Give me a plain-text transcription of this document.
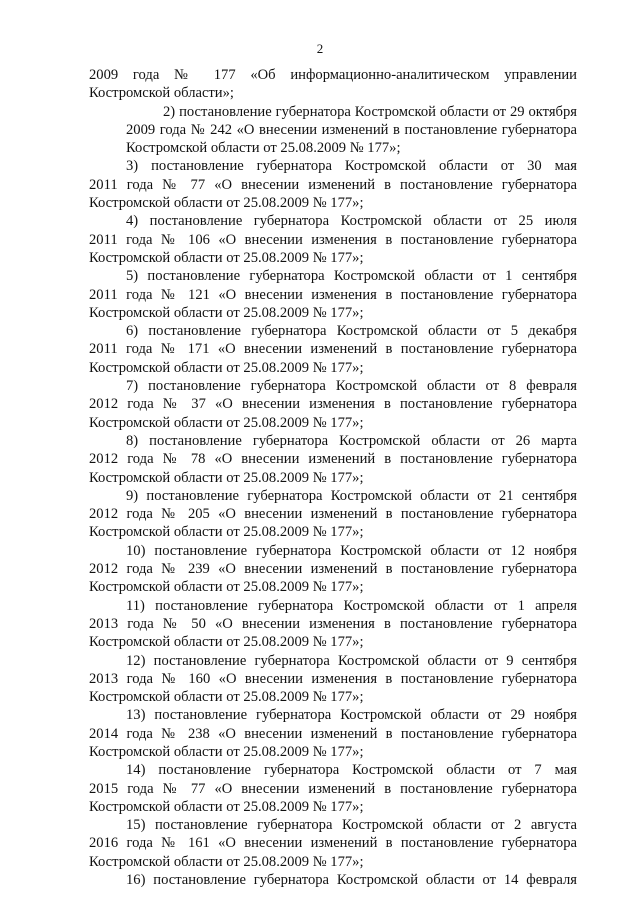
2
2009 года № 177 «Об информационно-аналитическом управлении
Костромской области»;
2) постановление губернатора Костромской области от 29 октября
2009 года № 242 «О внесении изменений в постановление губернатора
Костромской области от 25.08.2009 № 177»;
3) постановление губернатора Костромской области от 30 мая
2011 года № 77 «О внесении изменений в постановление губернатора
Костромской области от 25.08.2009 № 177»;
4) постановление губернатора Костромской области от 25 июля
2011 года № 106 «О внесении изменения в постановление губернатора
Костромской области от 25.08.2009 № 177»;
5) постановление губернатора Костромской области от 1 сентября
2011 года № 121 «О внесении изменения в постановление губернатора
Костромской области от 25.08.2009 № 177»;
6) постановление губернатора Костромской области от 5 декабря
2011 года № 171 «О внесении изменений в постановление губернатора
Костромской области от 25.08.2009 № 177»;
7) постановление губернатора Костромской области от 8 февраля
2012 года № 37 «О внесении изменения в постановление губернатора
Костромской области от 25.08.2009 № 177»;
8) постановление губернатора Костромской области от 26 марта
2012 года № 78 «О внесении изменений в постановление губернатора
Костромской области от 25.08.2009 № 177»;
9) постановление губернатора Костромской области от 21 сентября
2012 года № 205 «О внесении изменений в постановление губернатора
Костромской области от 25.08.2009 № 177»;
10) постановление губернатора Костромской области от 12 ноября
2012 года № 239 «О внесении изменений в постановление губернатора
Костромской области от 25.08.2009 № 177»;
11) постановление губернатора Костромской области от 1 апреля
2013 года № 50 «О внесении изменения в постановление губернатора
Костромской области от 25.08.2009 № 177»;
12) постановление губернатора Костромской области от 9 сентября
2013 года № 160 «О внесении изменения в постановление губернатора
Костромской области от 25.08.2009 № 177»;
13) постановление губернатора Костромской области от 29 ноября
2014 года № 238 «О внесении изменений в постановление губернатора
Костромской области от 25.08.2009 № 177»;
14) постановление губернатора Костромской области от 7 мая
2015 года № 77 «О внесении изменений в постановление губернатора
Костромской области от 25.08.2009 № 177»;
15) постановление губернатора Костромской области от 2 августа
2016 года № 161 «О внесении изменений в постановление губернатора
Костромской области от 25.08.2009 № 177»;
16) постановление губернатора Костромской области от 14 февраля
